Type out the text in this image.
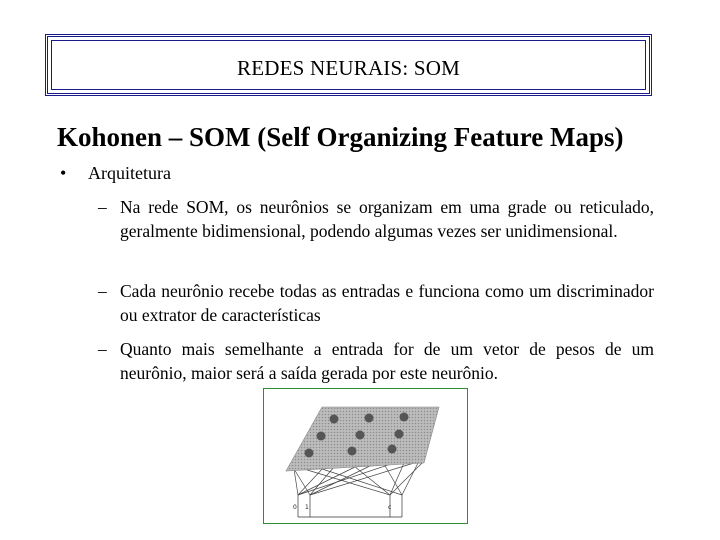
REDES NEURAIS: SOM
Kohonen – SOM (Self Organizing Feature Maps)
• Arquitetura
– Na rede SOM, os neurônios se organizam em uma grade ou reticulado, geralmente bidimensional, podendo algumas vezes ser unidimensional.
– Cada neurônio recebe todas as entradas e funciona como um discriminador ou extrator de características
– Quanto mais semelhante a entrada for de um vetor de pesos de um neurônio, maior será a saída gerada por este neurônio.
0 1	c
